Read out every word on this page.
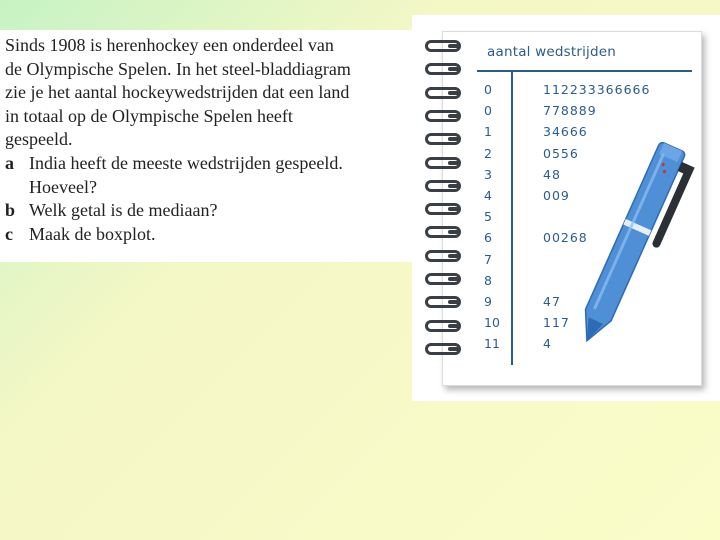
Sinds 1908 is herenhockey een onderdeel van
de Olympische Spelen. In het steel-bladdiagram
zie je het aantal hockeywedstrijden dat een land
in totaal op de Olympische Spelen heeft
gespeeld.
a India heeft de meeste wedstrijden gespeeld.
Hoeveel?
b Welk getal is de mediaan?
c Maak de boxplot.
aantal wedstrijden
0	112233366666
0	778889
1	34666
2	0556
3	48
4	009
5
6	00268
7
8
9	47
10	117
11	4
